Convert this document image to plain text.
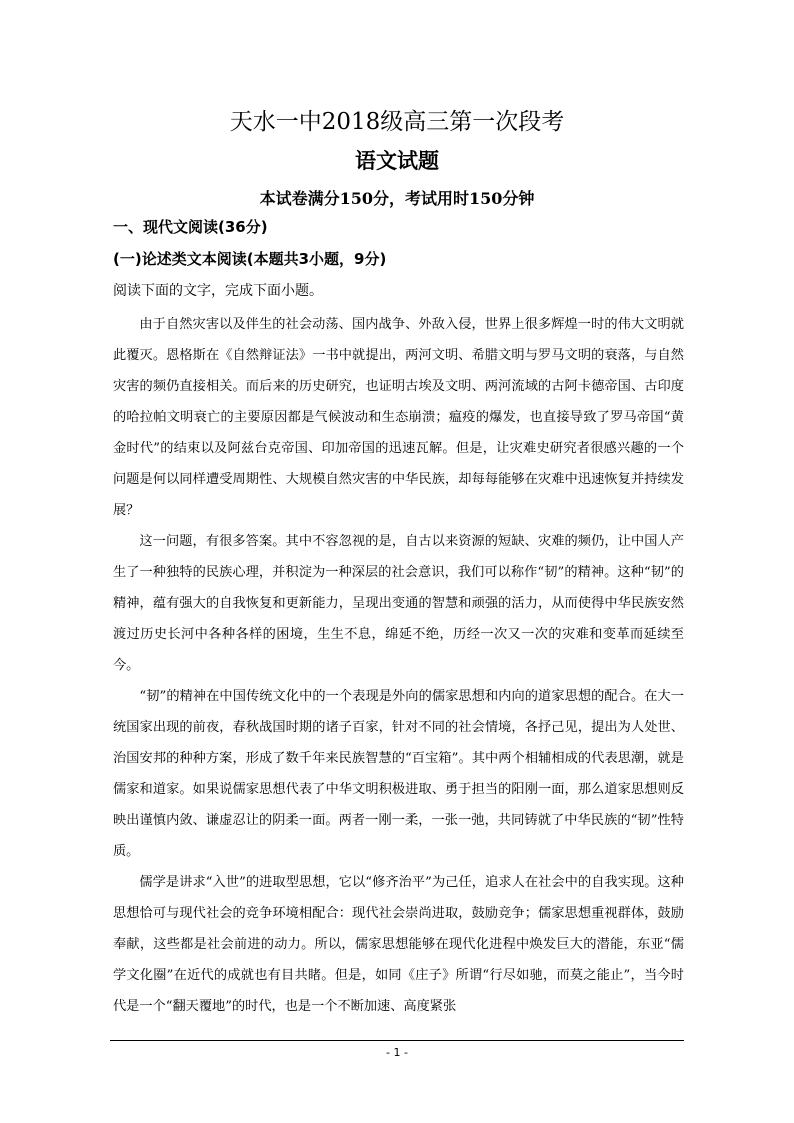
天水一中2018级高三第一次段考
语文试题
本试卷满分150分，考试用时150分钟
一、现代文阅读(36分)
(一)论述类文本阅读(本题共3小题，9分)
阅读下面的文字，完成下面小题。

由于自然灾害以及伴生的社会动荡、国内战争、外敌入侵，世界上很多辉煌一时的伟大文明就此覆灭。恩格斯在《自然辩证法》一书中就提出，两河文明、希腊文明与罗马文明的衰落，与自然灾害的频仍直接相关。而后来的历史研究，也证明古埃及文明、两河流域的古阿卡德帝国、古印度的哈拉帕文明衰亡的主要原因都是气候波动和生态崩溃；瘟疫的爆发，也直接导致了罗马帝国“黄金时代”的结束以及阿兹台克帝国、印加帝国的迅速瓦解。但是，让灾难史研究者很感兴趣的一个问题是何以同样遭受周期性、大规模自然灾害的中华民族，却每每能够在灾难中迅速恢复并持续发展？

这一问题，有很多答案。其中不容忽视的是，自古以来资源的短缺、灾难的频仍，让中国人产生了一种独特的民族心理，并积淀为一种深层的社会意识，我们可以称作“韧”的精神。这种“韧”的精神，蕴有强大的自我恢复和更新能力，呈现出变通的智慧和顽强的活力，从而使得中华民族安然渡过历史长河中各种各样的困境，生生不息，绵延不绝，历经一次又一次的灾难和变革而延续至今。

“韧”的精神在中国传统文化中的一个表现是外向的儒家思想和内向的道家思想的配合。在大一统国家出现的前夜，春秋战国时期的诸子百家，针对不同的社会情境，各抒己见，提出为人处世、治国安邦的种种方案，形成了数千年来民族智慧的“百宝箱”。其中两个相辅相成的代表思潮，就是儒家和道家。如果说儒家思想代表了中华文明积极进取、勇于担当的阳刚一面，那么道家思想则反映出谨慎内敛、谦虚忍让的阴柔一面。两者一刚一柔，一张一弛，共同铸就了中华民族的“韧”性特质。

儒学是讲求“入世”的进取型思想，它以“修齐治平”为己任，追求人在社会中的自我实现。这种思想恰可与现代社会的竞争环境相配合：现代社会崇尚进取，鼓励竞争；儒家思想重视群体，鼓励奉献，这些都是社会前进的动力。所以，儒家思想能够在现代化进程中焕发巨大的潜能，东亚“儒学文化圈”在近代的成就也有目共睹。但是，如同《庄子》所谓“行尽如驰，而莫之能止”，当今时代是一个“翻天覆地”的时代，也是一个不断加速、高度紧张

- 1 -
